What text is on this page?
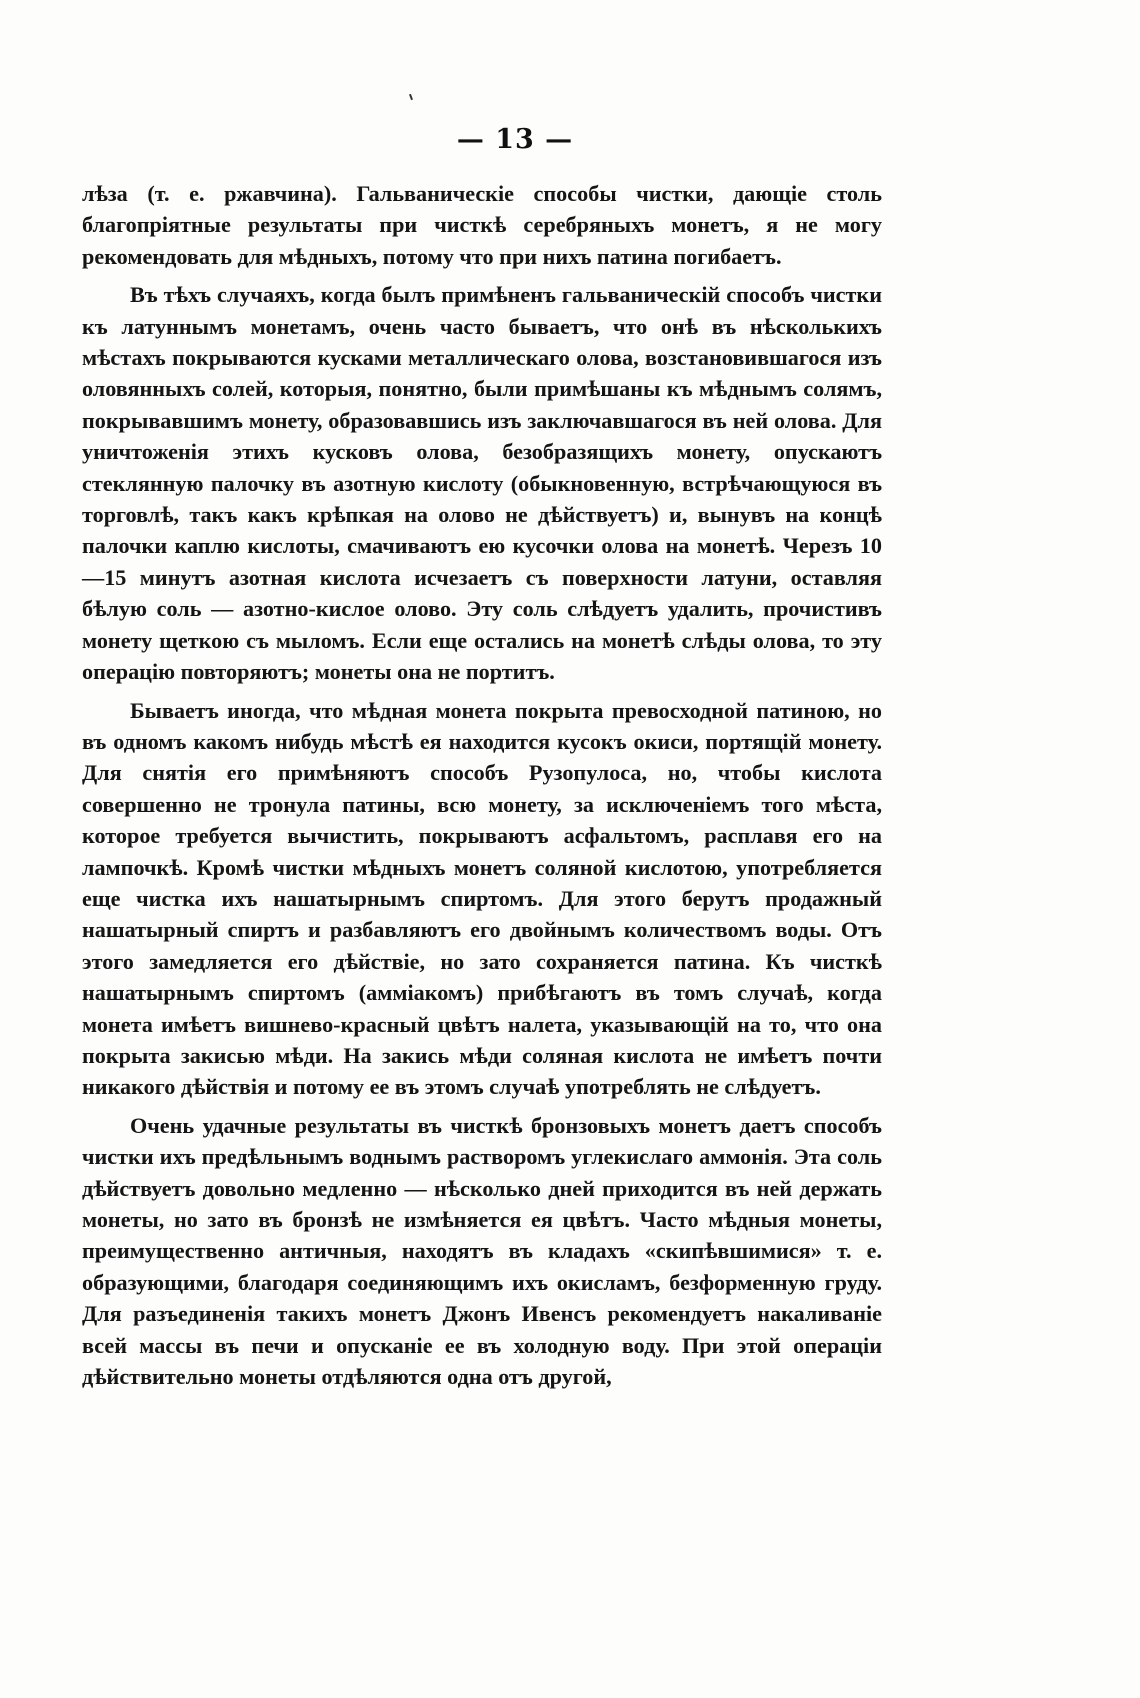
— 13 —

лѣза (т. е. ржавчина). Гальваническіе способы чистки, дающіе столь благопріятные результаты при чисткѣ серебряныхъ монетъ, я не могу рекомендовать для мѣдныхъ, потому что при нихъ патина погибаетъ.

Въ тѣхъ случаяхъ, когда былъ примѣненъ гальваническій способъ чистки къ латуннымъ монетамъ, очень часто бываетъ, что онѣ въ нѣсколькихъ мѣстахъ покрываются кусками металлическаго олова, возстановившагося изъ оловянныхъ солей, которыя, понятно, были примѣшаны къ мѣднымъ солямъ, покрывавшимъ монету, образовавшись изъ заключавшагося въ ней олова. Для уничтоженія этихъ кусковъ олова, безобразящихъ монету, опускаютъ стеклянную палочку въ азотную кислоту (обыкновенную, встрѣчающуюся въ торговлѣ, такъ какъ крѣпкая на олово не дѣйствуетъ) и, вынувъ на концѣ палочки каплю кислоты, смачиваютъ ею кусочки олова на монетѣ. Черезъ 10—15 минутъ азотная кислота исчезаетъ съ поверхности латуни, оставляя бѣлую соль — азотно-кислое олово. Эту соль слѣдуетъ удалить, прочистивъ монету щеткою съ мыломъ. Если еще остались на монетѣ слѣды олова, то эту операцію повторяютъ; монеты она не портитъ.

Бываетъ иногда, что мѣдная монета покрыта превосходной патиною, но въ одномъ какомъ нибудь мѣстѣ ея находится кусокъ окиси, портящій монету. Для снятія его примѣняютъ способъ Рузопулоса, но, чтобы кислота совершенно не тронула патины, всю монету, за исключеніемъ того мѣста, которое требуется вычистить, покрываютъ асфальтомъ, расплавя его на лампочкѣ. Кромѣ чистки мѣдныхъ монетъ соляной кислотою, употребляется еще чистка ихъ нашатырнымъ спиртомъ. Для этого берутъ продажный нашатырный спиртъ и разбавляютъ его двойнымъ количествомъ воды. Отъ этого замедляется его дѣйствіе, но зато сохраняется патина. Къ чисткѣ нашатырнымъ спиртомъ (аммiакомъ) прибѣгаютъ въ томъ случаѣ, когда монета имѣетъ вишнево-красный цвѣтъ налета, указывающій на то, что она покрыта закисью мѣди. На закись мѣди соляная кислота не имѣетъ почти никакого дѣйствія и потому ее въ этомъ случаѣ употреблять не слѣдуетъ.

Очень удачные результаты въ чисткѣ бронзовыхъ монетъ даетъ способъ чистки ихъ предѣльнымъ воднымъ растворомъ углекислаго аммонія. Эта соль дѣйствуетъ довольно медленно — нѣсколько дней приходится въ ней держать монеты, но зато въ бронзѣ не измѣняется ея цвѣтъ. Часто мѣдныя монеты, преимущественно античныя, находятъ въ кладахъ «скипѣвшимися» т. е. образующими, благодаря соединяющимъ ихъ окисламъ, безформенную груду. Для разъединенія такихъ монетъ Джонъ Ивенсъ рекомендуетъ накаливаніе всей массы въ печи и опусканіе ее въ холодную воду. При этой операціи дѣйствительно монеты отдѣляются одна отъ другой,
